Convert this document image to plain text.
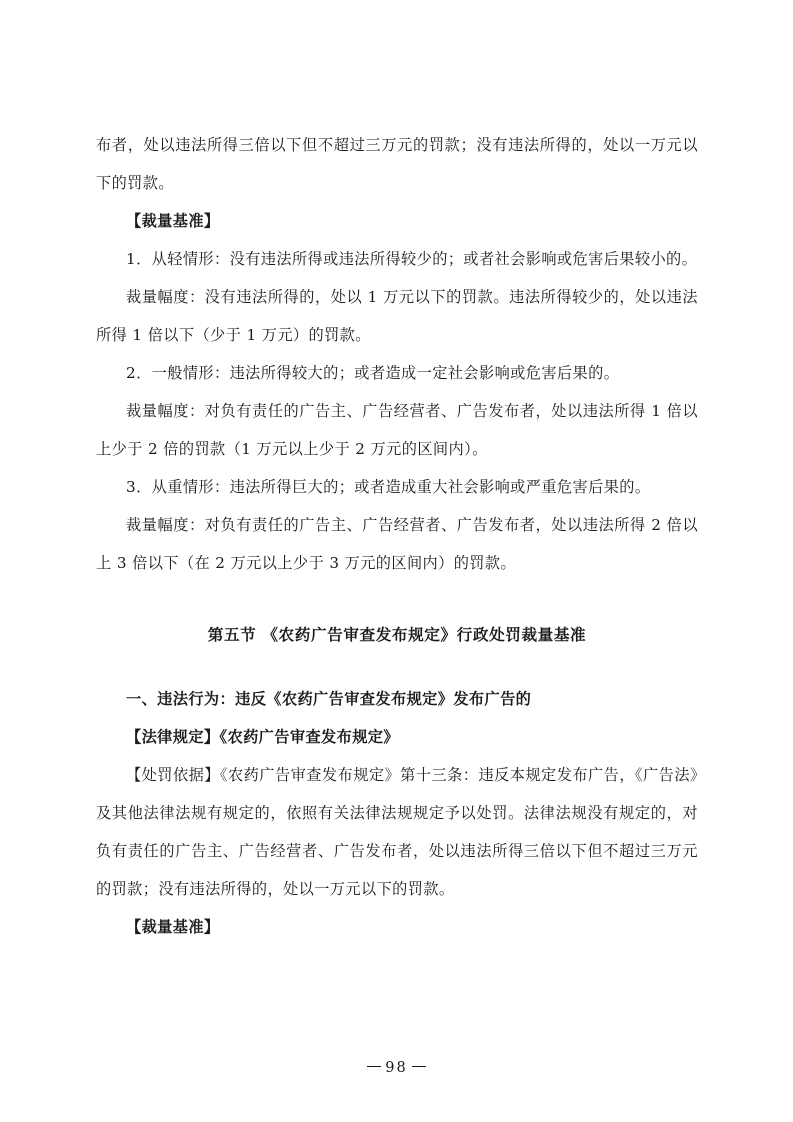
布者，处以违法所得三倍以下但不超过三万元的罚款；没有违法所得的，处以一万元以下的罚款。

【裁量基准】

1．从轻情形：没有违法所得或违法所得较少的；或者社会影响或危害后果较小的。

裁量幅度：没有违法所得的，处以 1 万元以下的罚款。违法所得较少的，处以违法所得 1 倍以下（少于 1 万元）的罚款。

2．一般情形：违法所得较大的；或者造成一定社会影响或危害后果的。

裁量幅度：对负有责任的广告主、广告经营者、广告发布者，处以违法所得 1 倍以上少于 2 倍的罚款（1 万元以上少于 2 万元的区间内）。

3．从重情形：违法所得巨大的；或者造成重大社会影响或严重危害后果的。

裁量幅度：对负有责任的广告主、广告经营者、广告发布者，处以违法所得 2 倍以上 3 倍以下（在 2 万元以上少于 3 万元的区间内）的罚款。

第五节 《农药广告审查发布规定》行政处罚裁量基准

一、违法行为：违反《农药广告审查发布规定》发布广告的

【法律规定】《农药广告审查发布规定》

【处罚依据】《农药广告审查发布规定》第十三条：违反本规定发布广告，《广告法》及其他法律法规有规定的，依照有关法律法规规定予以处罚。法律法规没有规定的，对负有责任的广告主、广告经营者、广告发布者，处以违法所得三倍以下但不超过三万元的罚款；没有违法所得的，处以一万元以下的罚款。

【裁量基准】

98
